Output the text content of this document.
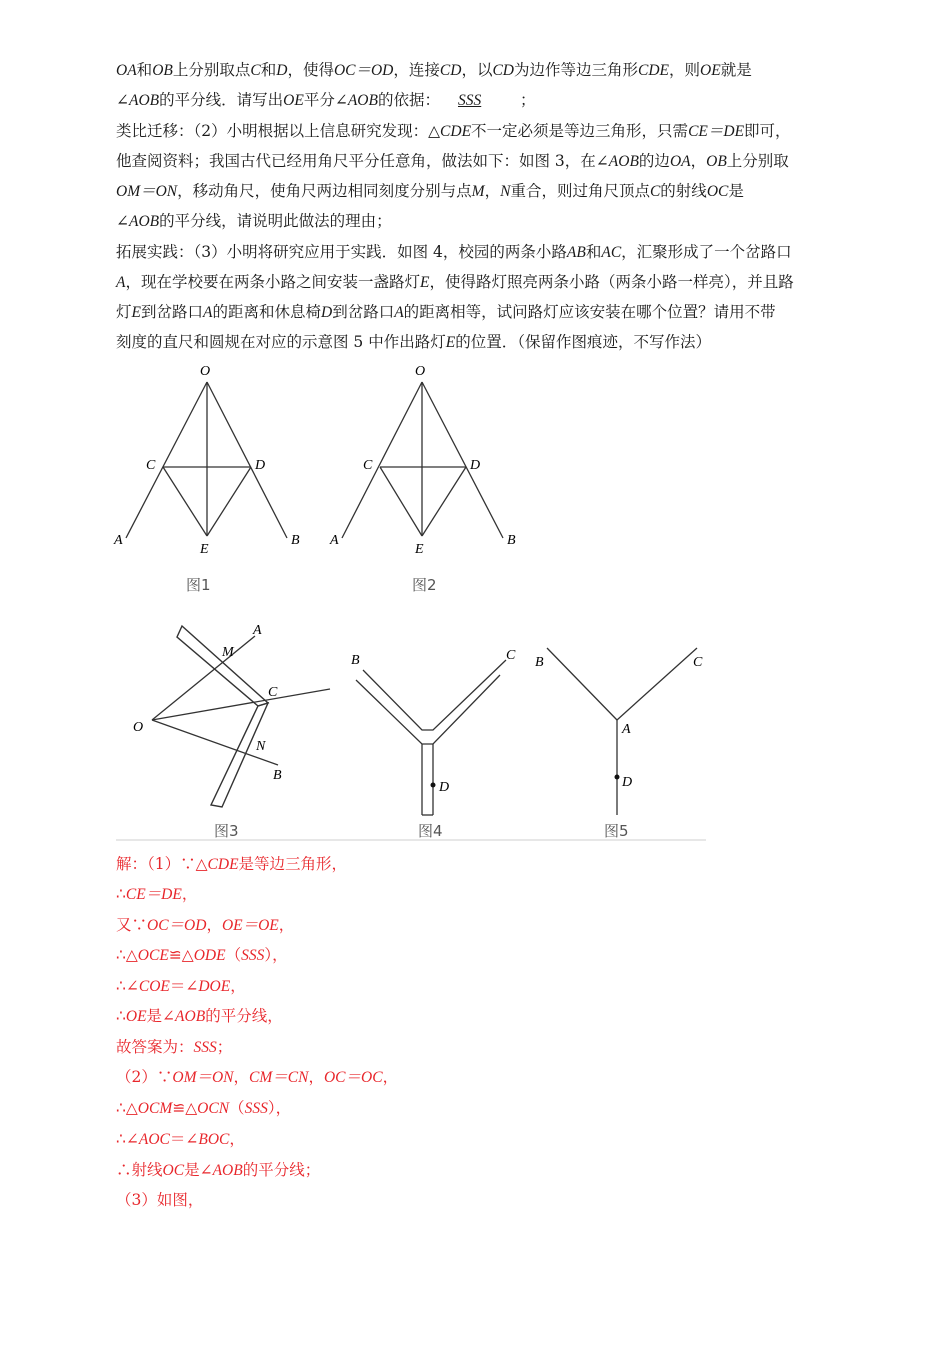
OA和OB上分别取点C和D，使得OC＝OD，连接CD，以CD为边作等边三角形CDE，则OE就是
∠AOB的平分线．请写出OE平分∠AOB的依据： SSS	；
类比迁移：（2）小明根据以上信息研究发现：△CDE不一定必须是等边三角形，只需CE＝DE即可，
他查阅资料；我国古代已经用角尺平分任意角，做法如下：如图 3，在∠AOB的边OA，OB上分别取
OM＝ON，移动角尺，使角尺两边相同刻度分别与点M，N重合，则过角尺顶点C的射线OC是
∠AOB的平分线，请说明此做法的理由；
拓展实践：（3）小明将研究应用于实践．如图 4，校园的两条小路AB和AC，汇聚形成了一个岔路口
A，现在学校要在两条小路之间安装一盏路灯E，使得路灯照亮两条小路（两条小路一样亮），并且路
灯E到岔路口A的距离和休息椅D到岔路口A的距离相等，试问路灯应该安装在哪个位置？请用不带
刻度的直尺和圆规在对应的示意图 5 中作出路灯E的位置．（保留作图痕迹，不写作法）
O
C	D
A	B
E
图1
O
C	D
A	B
E
图2
A
M
C
O
N
B
图3
B	C
D
图4
B	C
A
D
图5
解：（1）∵△CDE是等边三角形，
∴CE＝DE，
又∵OC＝OD，OE＝OE，
∴△OCE≌△ODE（SSS），
∴∠COE＝∠DOE，
∴OE是∠AOB的平分线，
故答案为：SSS；
（2）∵OM＝ON，CM＝CN，OC＝OC，
∴△OCM≌△OCN（SSS），
∴∠AOC＝∠BOC，
∴射线OC是∠AOB的平分线；
（3）如图，
